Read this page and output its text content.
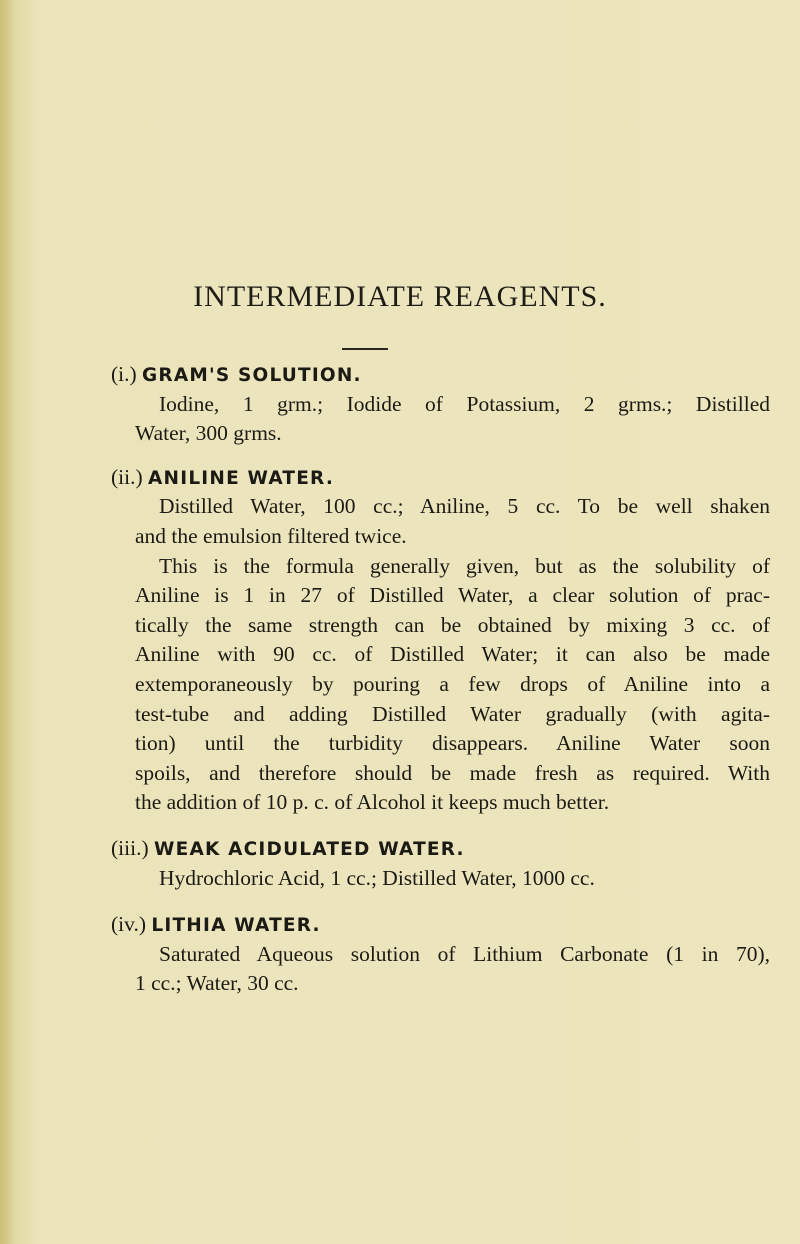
INTERMEDIATE REAGENTS.
(i.) GRAM'S SOLUTION.
Iodine, 1 grm.; Iodide of Potassium, 2 grms.; Distilled
Water, 300 grms.
(ii.) ANILINE WATER.
Distilled Water, 100 cc.; Aniline, 5 cc. To be well shaken
and the emulsion filtered twice.
This is the formula generally given, but as the solubility of
Aniline is 1 in 27 of Distilled Water, a clear solution of prac-
tically the same strength can be obtained by mixing 3 cc. of
Aniline with 90 cc. of Distilled Water; it can also be made
extemporaneously by pouring a few drops of Aniline into a
test-tube and adding Distilled Water gradually (with agita-
tion) until the turbidity disappears. Aniline Water soon
spoils, and therefore should be made fresh as required. With
the addition of 10 p. c. of Alcohol it keeps much better.
(iii.) WEAK ACIDULATED WATER.
Hydrochloric Acid, 1 cc.; Distilled Water, 1000 cc.
(iv.) LITHIA WATER.
Saturated Aqueous solution of Lithium Carbonate (1 in 70),
1 cc.; Water, 30 cc.
